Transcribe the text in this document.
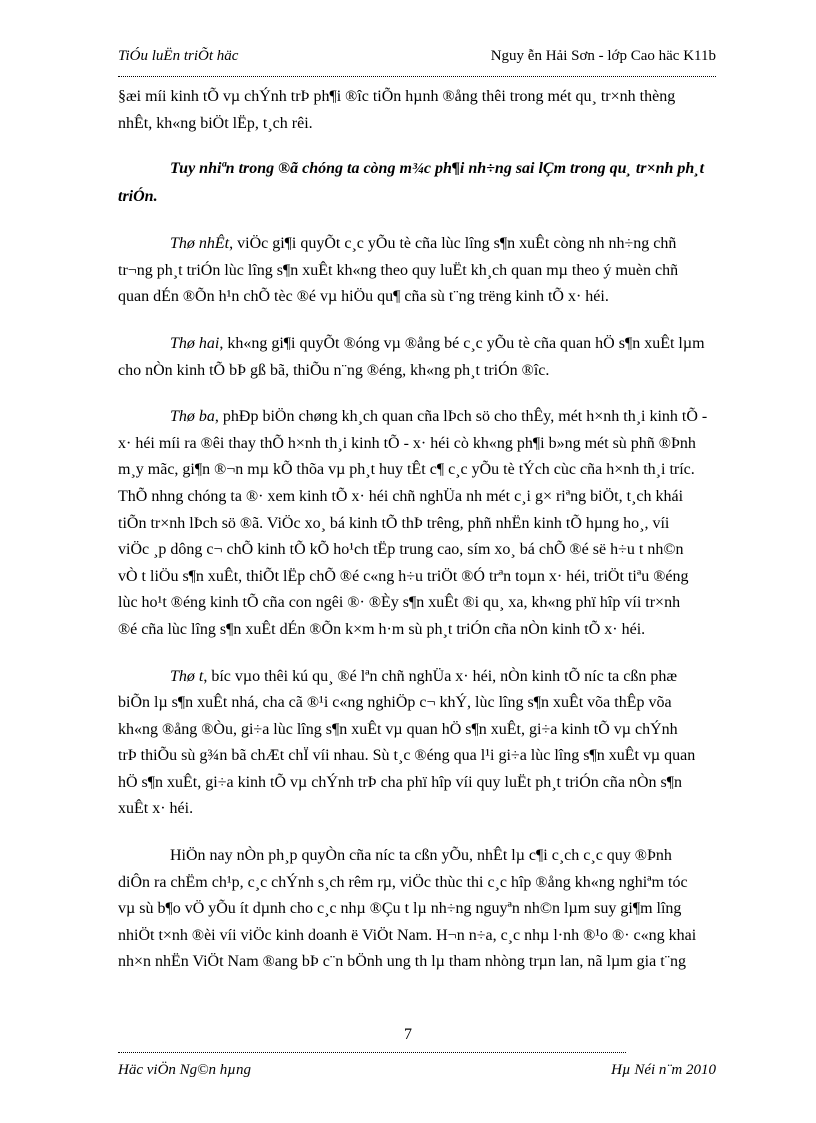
TiÓu luËn triÕt häc	Nguy ễn Hải Sơn - lớp Cao häc K11b

§æi míi kinh tÕ vµ chÝnh trÞ ph¶i ®îc tiÕn hµnh ®ång thêi trong mét qu¸ tr×nh thèng
nhÊt, kh«ng biÖt lËp, t¸ch rêi.

Tuy nhiªn trong ®ã chóng ta còng m¾c ph¶i nh÷ng sai lÇm trong qu¸ tr×nh ph¸t
triÓn.

Thø nhÊt, viÖc gi¶i quyÕt c¸c yÕu tè cña lùc lîng s¶n xuÊt còng nh nh÷ng chñ
tr¬ng ph¸t triÓn lùc lîng s¶n xuÊt kh«ng theo quy luËt kh¸ch quan mµ theo ý muèn chñ
quan dÉn ®Õn h¹n chÕ tèc ®é vµ hiÖu qu¶ cña sù t¨ng trëng kinh tÕ x· héi.

Thø hai, kh«ng gi¶i quyÕt ®óng vµ ®ång bé c¸c yÕu tè cña quan hÖ s¶n xuÊt lµm
cho nÒn kinh tÕ bÞ gß bã, thiÕu n¨ng ®éng, kh«ng ph¸t triÓn ®îc.

Thø ba, phÐp biÖn chøng kh¸ch quan cña lÞch sö cho thÊy, mét h×nh th¸i kinh tÕ -
x· héi míi ra ®êi thay thÕ h×nh th¸i kinh tÕ - x· héi cò kh«ng ph¶i b»ng mét sù phñ ®Þnh
m¸y mãc, gi¶n ®¬n mµ kÕ thõa vµ ph¸t huy tÊt c¶ c¸c yÕu tè tÝch cùc cña h×nh th¸i tríc.
ThÕ nhng chóng ta ®· xem kinh tÕ x· héi chñ nghÜa nh mét c¸i g× riªng biÖt, t¸ch khái
tiÕn tr×nh lÞch sö ®ã. ViÖc xo¸ bá kinh tÕ thÞ trêng, phñ nhËn kinh tÕ hµng ho¸, víi
viÖc ¸p dông c¬ chÕ kinh tÕ kÕ ho¹ch tËp trung cao, sím xo¸ bá chÕ ®é së h÷u t nh©n
vÒ t liÖu s¶n xuÊt, thiÕt lËp chÕ ®é c«ng h÷u triÖt ®Ó trªn toµn x· héi, triÖt tiªu ®éng
lùc ho¹t ®éng kinh tÕ cña con ngêi ®· ®Èy s¶n xuÊt ®i qu¸ xa, kh«ng phï hîp víi tr×nh
®é cña lùc lîng s¶n xuÊt dÉn ®Õn k×m h·m sù ph¸t triÓn cña nÒn kinh tÕ x· héi.

Thø t, bíc vµo thêi kú qu¸ ®é lªn chñ nghÜa x· héi, nÒn kinh tÕ níc ta cßn phæ
biÕn lµ s¶n xuÊt nhá, cha cã ®¹i c«ng nghiÖp c¬ khÝ, lùc lîng s¶n xuÊt võa thÊp võa
kh«ng ®ång ®Òu, gi÷a lùc lîng s¶n xuÊt vµ quan hÖ s¶n xuÊt, gi÷a kinh tÕ vµ chÝnh
trÞ thiÕu sù g¾n bã chÆt chÏ víi nhau. Sù t¸c ®éng qua l¹i gi÷a lùc lîng s¶n xuÊt vµ quan
hÖ s¶n xuÊt, gi÷a kinh tÕ vµ chÝnh trÞ cha phï hîp víi quy luËt ph¸t triÓn cña nÒn s¶n
xuÊt x· héi.

HiÖn nay nÒn ph¸p quyÒn cña níc ta cßn yÕu, nhÊt lµ c¶i c¸ch c¸c quy ®Þnh
diÔn ra chËm ch¹p, c¸c chÝnh s¸ch rêm rµ, viÖc thùc thi c¸c hîp ®ång kh«ng nghiªm tóc
vµ sù b¶o vÖ yÕu ít dµnh cho c¸c nhµ ®Çu t lµ nh÷ng nguyªn nh©n lµm suy gi¶m lîng
nhiÖt t×nh ®èi víi viÖc kinh doanh ë ViÖt Nam. H¬n n÷a, c¸c nhµ l·nh ®¹o ®· c«ng khai
nh×n nhËn ViÖt Nam ®ang bÞ c¨n bÖnh ung th lµ tham nhòng trµn lan, nã lµm gia t¨ng

7
Häc viÖn Ng©n hµng	Hµ Néi n¨m 2010
